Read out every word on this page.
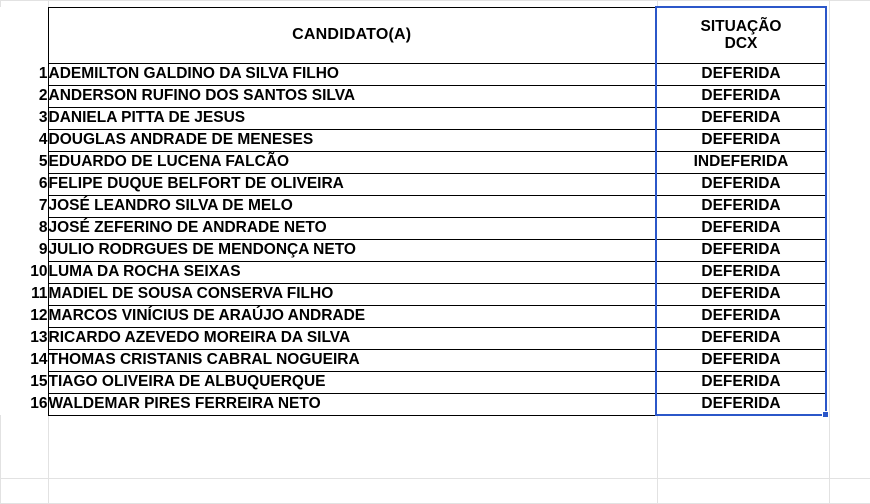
	CANDIDATO(A)	SITUAÇÃO
DCX

1	ADEMILTON GALDINO DA SILVA FILHO	DEFERIDA
2	ANDERSON RUFINO DOS SANTOS SILVA	DEFERIDA
3	DANIELA PITTA DE JESUS	DEFERIDA
4	DOUGLAS ANDRADE DE MENESES	DEFERIDA
5	EDUARDO DE LUCENA FALCÃO	INDEFERIDA
6	FELIPE DUQUE BELFORT DE OLIVEIRA	DEFERIDA
7	JOSÉ LEANDRO SILVA DE MELO	DEFERIDA
8	JOSÉ ZEFERINO DE ANDRADE NETO	DEFERIDA
9	JULIO RODRGUES DE MENDONÇA NETO	DEFERIDA
10	LUMA DA ROCHA SEIXAS	DEFERIDA
11	MADIEL DE SOUSA CONSERVA FILHO	DEFERIDA
12	MARCOS VINÍCIUS DE ARAÚJO ANDRADE	DEFERIDA
13	RICARDO AZEVEDO MOREIRA DA SILVA	DEFERIDA
14	THOMAS CRISTANIS CABRAL NOGUEIRA	DEFERIDA
15	TIAGO OLIVEIRA DE ALBUQUERQUE	DEFERIDA
16	WALDEMAR PIRES FERREIRA NETO	DEFERIDA
